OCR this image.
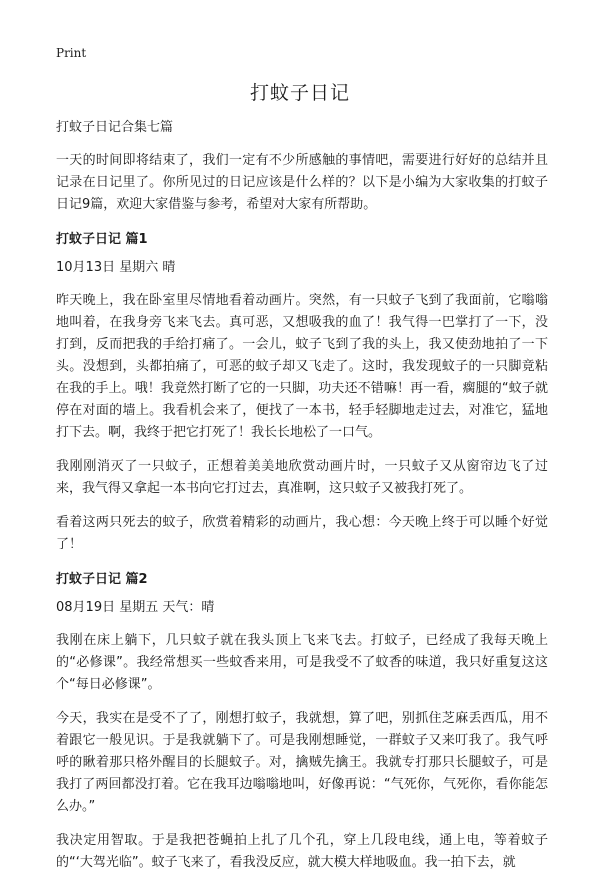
Print
打蚊子日记
打蚊子日记合集七篇

一天的时间即将结束了，我们一定有不少所感触的事情吧，需要进行好好的总结并且记录在日记里了。你所见过的日记应该是什么样的？以下是小编为大家收集的打蚊子日记9篇，欢迎大家借鉴与参考，希望对大家有所帮助。

打蚊子日记 篇1
10月13日 星期六 晴

昨天晚上，我在卧室里尽情地看着动画片。突然，有一只蚊子飞到了我面前，它嗡嗡地叫着，在我身旁飞来飞去。真可恶，又想吸我的血了！我气得一巴掌打了一下，没打到，反而把我的手给打痛了。一会儿，蚊子飞到了我的头上，我又使劲地拍了一下头。没想到，头都拍痛了，可恶的蚊子却又飞走了。这时，我发现蚊子的一只脚竟粘在我的手上。哦！我竟然打断了它的一只脚，功夫还不错嘛！再一看，瘸腿的“蚊子就停在对面的墙上。我看机会来了，便找了一本书，轻手轻脚地走过去，对准它，猛地打下去。啊，我终于把它打死了！我长长地松了一口气。

我刚刚消灭了一只蚊子，正想着美美地欣赏动画片时，一只蚊子又从窗帘边飞了过来，我气得又拿起一本书向它打过去，真准啊，这只蚊子又被我打死了。

看着这两只死去的蚊子，欣赏着精彩的动画片，我心想：今天晚上终于可以睡个好觉了！

打蚊子日记 篇2
08月19日 星期五 天气：晴

我刚在床上躺下，几只蚊子就在我头顶上飞来飞去。打蚊子，已经成了我每天晚上的“必修课”。我经常想买一些蚊香来用，可是我受不了蚊香的味道，我只好重复这这个“每日必修课”。

今天，我实在是受不了了，刚想打蚊子，我就想，算了吧，别抓住芝麻丢西瓜，用不着跟它一般见识。于是我就躺下了。可是我刚想睡觉，一群蚊子又来叮我了。我气呼呼的瞅着那只格外醒目的长腿蚊子。对，擒贼先擒王。我就专打那只长腿蚊子，可是我打了两回都没打着。它在我耳边嗡嗡地叫，好像再说：“气死你，气死你，看你能怎么办。”

我决定用智取。于是我把苍蝇拍上扎了几个孔，穿上几段电线，通上电，等着蚊子的“‘大驾光临”。蚊子飞来了，看我没反应，就大模大样地吸血。我一拍下去，就
